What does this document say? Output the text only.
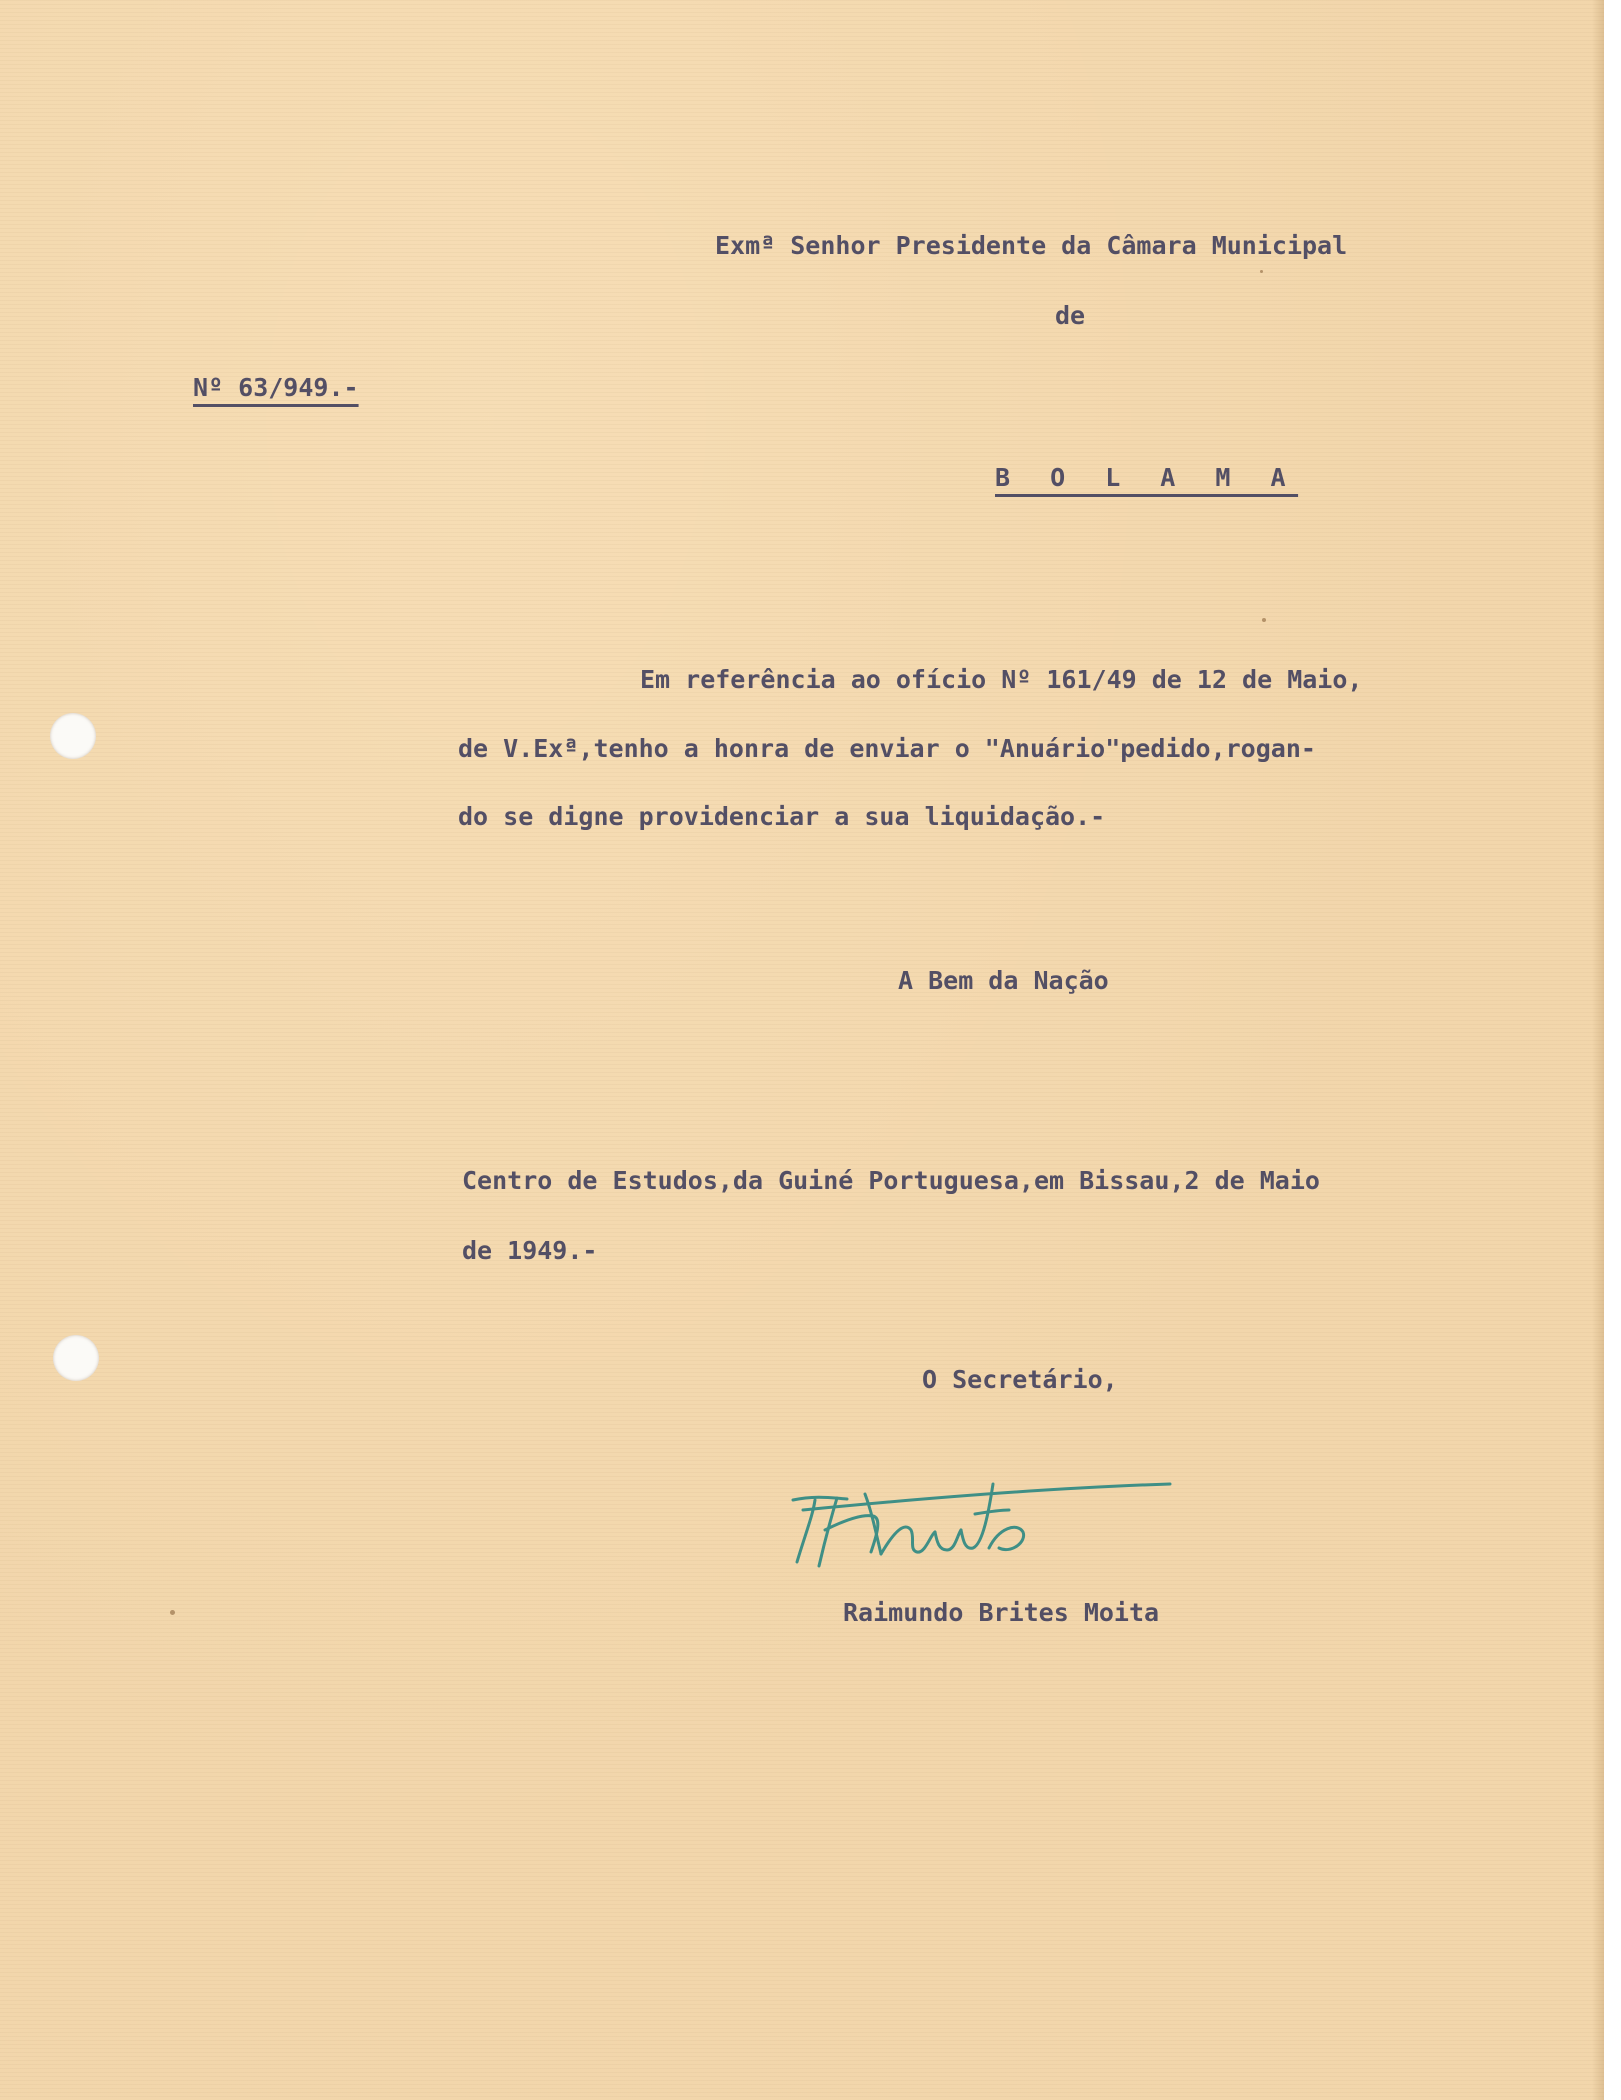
Exmª Senhor Presidente da Câmara Municipal

de

Nº 63/949.-

B O L A M A

Em referência ao ofício Nº 161/49 de 12 de Maio,

de V.Exª,tenho a honra de enviar o "Anuário"pedido,rogan-

do se digne providenciar a sua liquidação.-

A Bem da Nação

Centro de Estudos,da Guiné Portuguesa,em Bissau,2 de Maio

de 1949.-

O Secretário,

Raimundo Brites Moita
